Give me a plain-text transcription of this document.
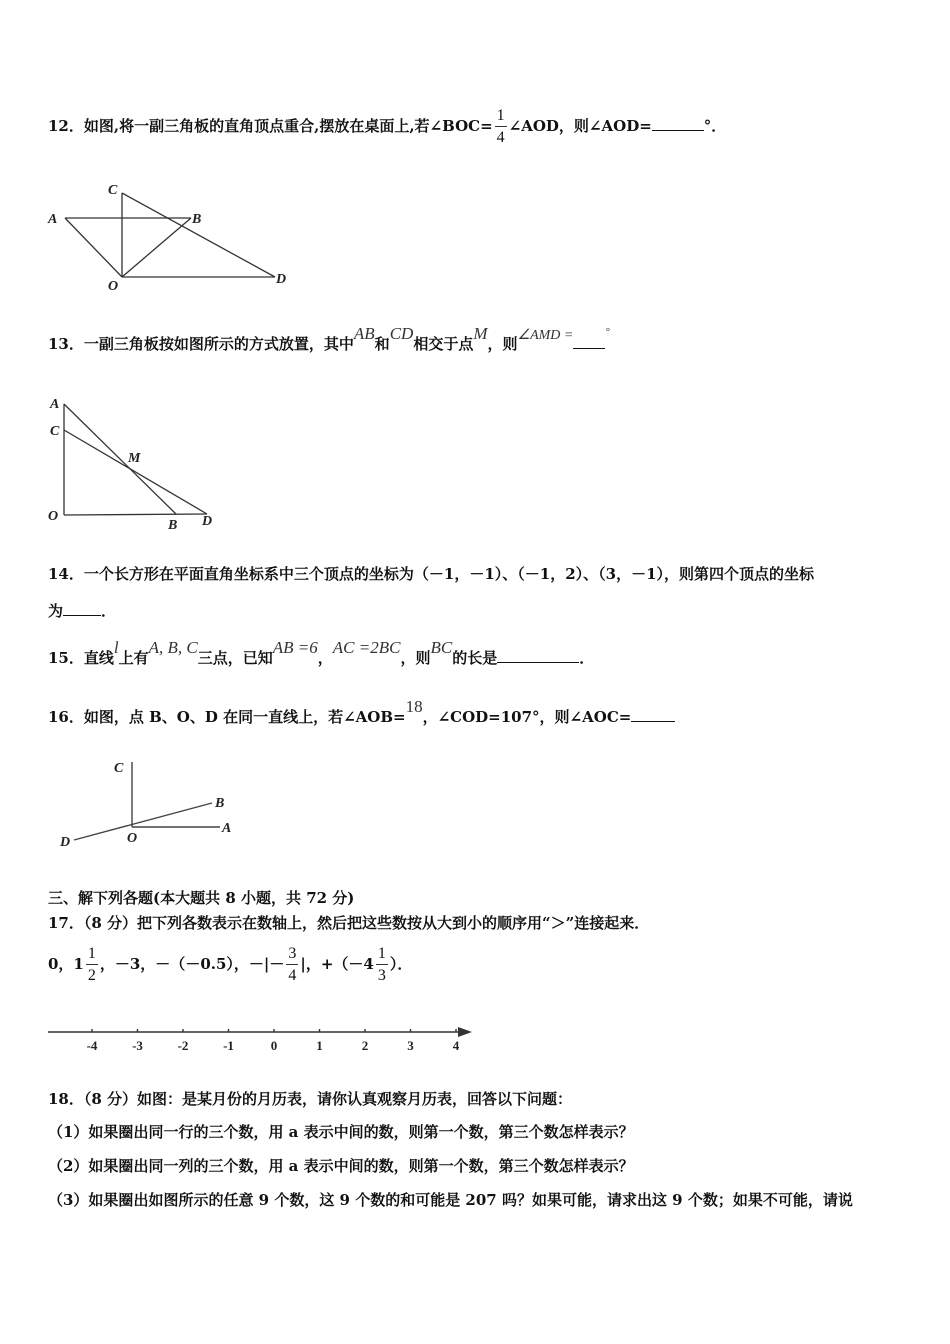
12．如图,将一副三角板的直角顶点重合,摆放在桌面上,若∠BOC= $\frac{1}{4}$ ∠AOD，则∠AOD=	°．
A
C
B
O	D
13．一副三角板按如图所示的方式放置，其中AB和CD相交于点M，则∠AMD =	°
A
C
M
O
B D
14．一个长方形在平面直角坐标系中三个顶点的坐标为（－1，－1）、（－1，2）、（3，－1），则第四个顶点的坐标
为	．
15．直线l上有A, B, C三点，已知AB =6，AC =2BC，则BC的长是	．
16．如图，点 B、O、D 在同一直线上，若∠AOB=18，∠COD=107°，则∠AOC=
C
B
D	O
A
三、解下列各题(本大题共 8 小题，共 72 分)
17．（8 分）把下列各数表示在数轴上，然后把这些数按从大到小的顺序用“＞”连接起来．
0，$1 \frac{1}{2}$ ，－3，－（－0.5），－|－ $\frac{3}{4}$ |，$+(-4 \frac{1}{3}$ ）．
-4	-3	-2	-1	0	1	2	3	4
18．（8 分）如图：是某月份的月历表，请你认真观察月历表，回答以下问题：
（1）如果圈出同一行的三个数，用 a 表示中间的数，则第一个数，第三个数怎样表示？
（2）如果圈出同一列的三个数，用 a 表示中间的数，则第一个数，第三个数怎样表示？
（3）如果圈出如图所示的任意 9 个数，这 9 个数的和可能是 207 吗？如果可能，请求出这 9 个数；如果不可能，请说
